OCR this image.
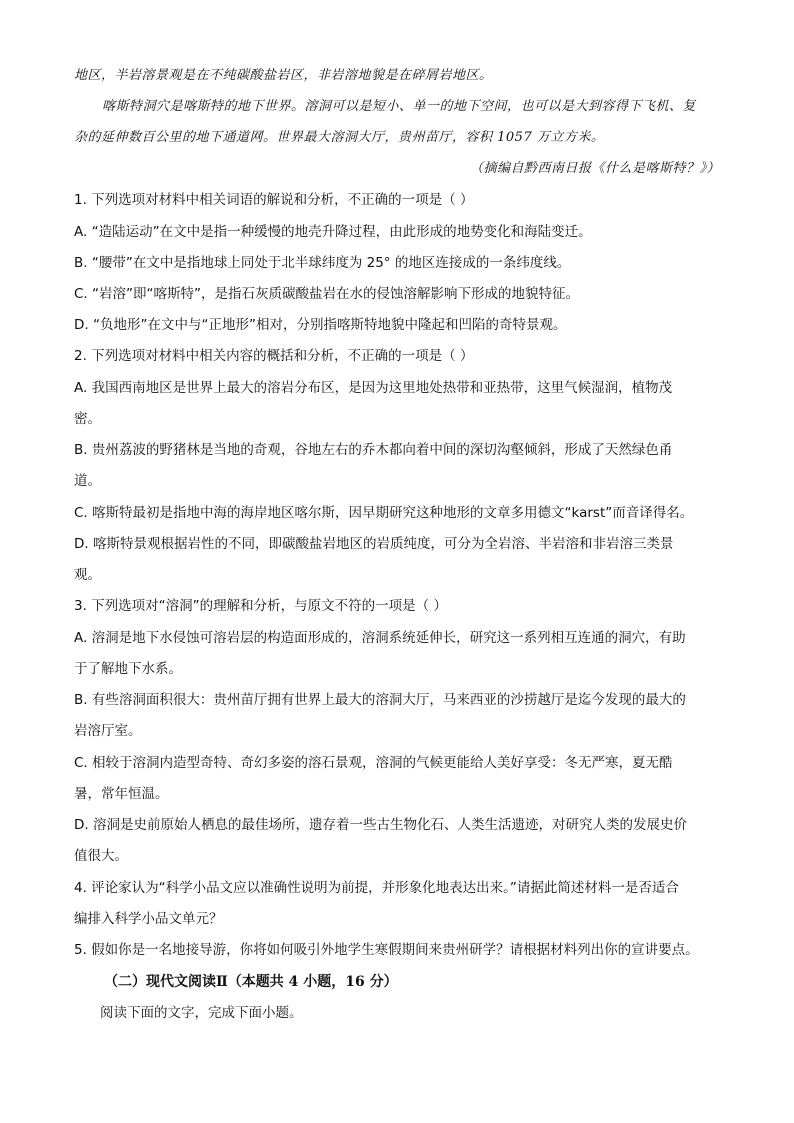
地区，半岩溶景观是在不纯碳酸盐岩区，非岩溶地貌是在碎屑岩地区。
喀斯特洞穴是喀斯特的地下世界。溶洞可以是短小、单一的地下空间，也可以是大到容得下飞机、复
杂的延伸数百公里的地下通道网。世界最大溶洞大厅，贵州苗厅，容积 1057 万立方米。
（摘编自黔西南日报《什么是喀斯特？》）
1. 下列选项对材料中相关词语的解说和分析，不正确的一项是（ ）
A. “造陆运动”在文中是指一种缓慢的地壳升降过程，由此形成的地势变化和海陆变迁。
B. “腰带”在文中是指地球上同处于北半球纬度为 25° 的地区连接成的一条纬度线。
C. “岩溶”即“喀斯特”，是指石灰质碳酸盐岩在水的侵蚀溶解影响下形成的地貌特征。
D. “负地形”在文中与“正地形”相对，分别指喀斯特地貌中隆起和凹陷的奇特景观。
2. 下列选项对材料中相关内容的概括和分析，不正确的一项是（ ）
A. 我国西南地区是世界上最大的溶岩分布区，是因为这里地处热带和亚热带，这里气候湿润，植物茂
密。
B. 贵州荔波的野猪林是当地的奇观，谷地左右的乔木都向着中间的深切沟壑倾斜，形成了天然绿色甬
道。
C. 喀斯特最初是指地中海的海岸地区喀尔斯，因早期研究这种地形的文章多用德文“karst”而音译得名。
D. 喀斯特景观根据岩性的不同，即碳酸盐岩地区的岩质纯度，可分为全岩溶、半岩溶和非岩溶三类景
观。
3. 下列选项对“溶洞”的理解和分析，与原文不符的一项是（ ）
A. 溶洞是地下水侵蚀可溶岩层的构造面形成的，溶洞系统延伸长，研究这一系列相互连通的洞穴，有助
于了解地下水系。
B. 有些溶洞面积很大：贵州苗厅拥有世界上最大的溶洞大厅，马来西亚的沙捞越厅是迄今发现的最大的
岩溶厅室。
C. 相较于溶洞内造型奇特、奇幻多姿的溶石景观，溶洞的气候更能给人美好享受：冬无严寒，夏无酷
暑，常年恒温。
D. 溶洞是史前原始人栖息的最佳场所，遗存着一些古生物化石、人类生活遗迹，对研究人类的发展史价
值很大。
4. 评论家认为“科学小品文应以准确性说明为前提，并形象化地表达出来。”请据此简述材料一是否适合
编排入科学小品文单元？
5. 假如你是一名地接导游，你将如何吸引外地学生寒假期间来贵州研学？请根据材料列出你的宣讲要点。
（二）现代文阅读Ⅱ（本题共 4 小题，16 分）
阅读下面的文字，完成下面小题。
